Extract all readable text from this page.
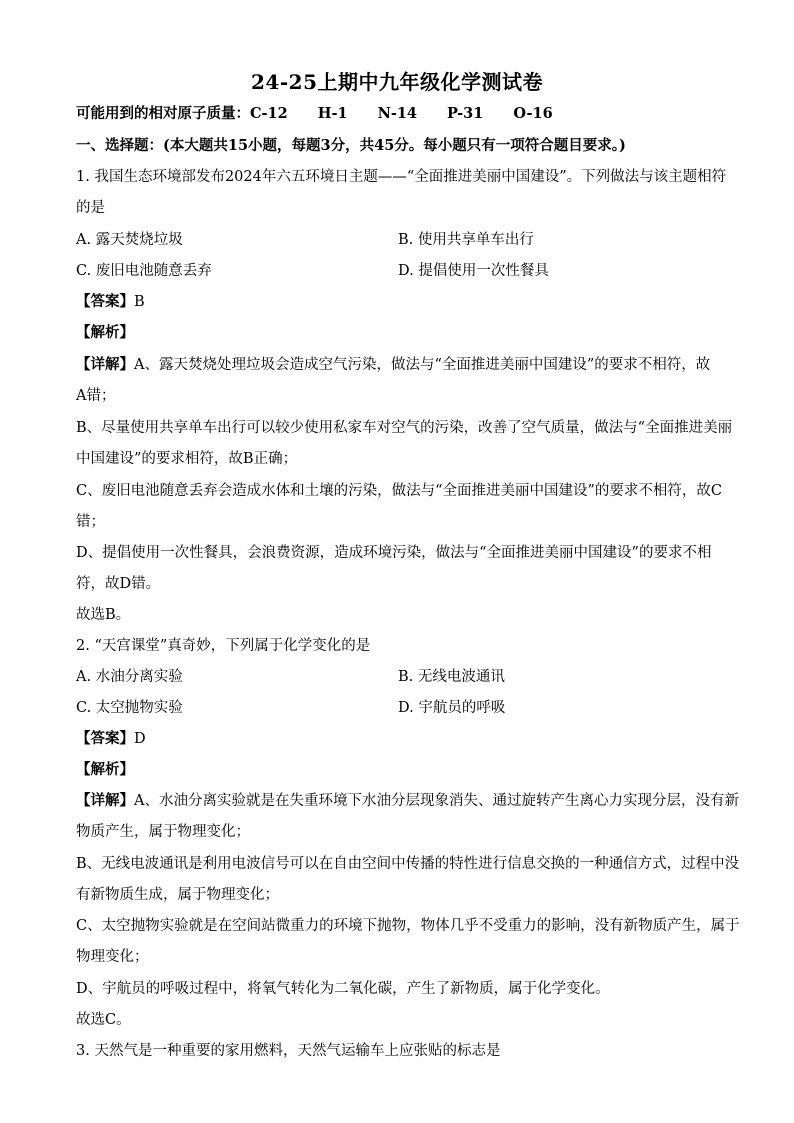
24-25上期中九年级化学测试卷
可能用到的相对原子质量：C-12 H-1 N-14 P-31 O-16
一、选择题：(本大题共15小题，每题3分，共45分。每小题只有一项符合题目要求。)
1. 我国生态环境部发布2024年六五环境日主题——“全面推进美丽中国建设”。下列做法与该主题相符
的是
A. 露天焚烧垃圾	B. 使用共享单车出行
C. 废旧电池随意丢弃	D. 提倡使用一次性餐具
【答案】B
【解析】
【详解】A、露天焚烧处理垃圾会造成空气污染，做法与“全面推进美丽中国建设”的要求不相符，故
A错；
B、尽量使用共享单车出行可以较少使用私家车对空气的污染，改善了空气质量，做法与“全面推进美丽
中国建设”的要求相符，故B正确；
C、废旧电池随意丢弃会造成水体和土壤的污染，做法与“全面推进美丽中国建设”的要求不相符，故C
错；
D、提倡使用一次性餐具，会浪费资源，造成环境污染，做法与“全面推进美丽中国建设”的要求不相
符，故D错。
故选B。
2. “天宫课堂”真奇妙，下列属于化学变化的是
A. 水油分离实验	B. 无线电波通讯
C. 太空抛物实验	D. 宇航员的呼吸
【答案】D
【解析】
【详解】A、水油分离实验就是在失重环境下水油分层现象消失、通过旋转产生离心力实现分层，没有新
物质产生，属于物理变化；
B、无线电波通讯是利用电波信号可以在自由空间中传播的特性进行信息交换的一种通信方式，过程中没
有新物质生成，属于物理变化；
C、太空抛物实验就是在空间站微重力的环境下抛物，物体几乎不受重力的影响，没有新物质产生，属于
物理变化；
D、宇航员的呼吸过程中，将氧气转化为二氧化碳，产生了新物质，属于化学变化。
故选C。
3. 天然气是一种重要的家用燃料，天然气运输车上应张贴的标志是
